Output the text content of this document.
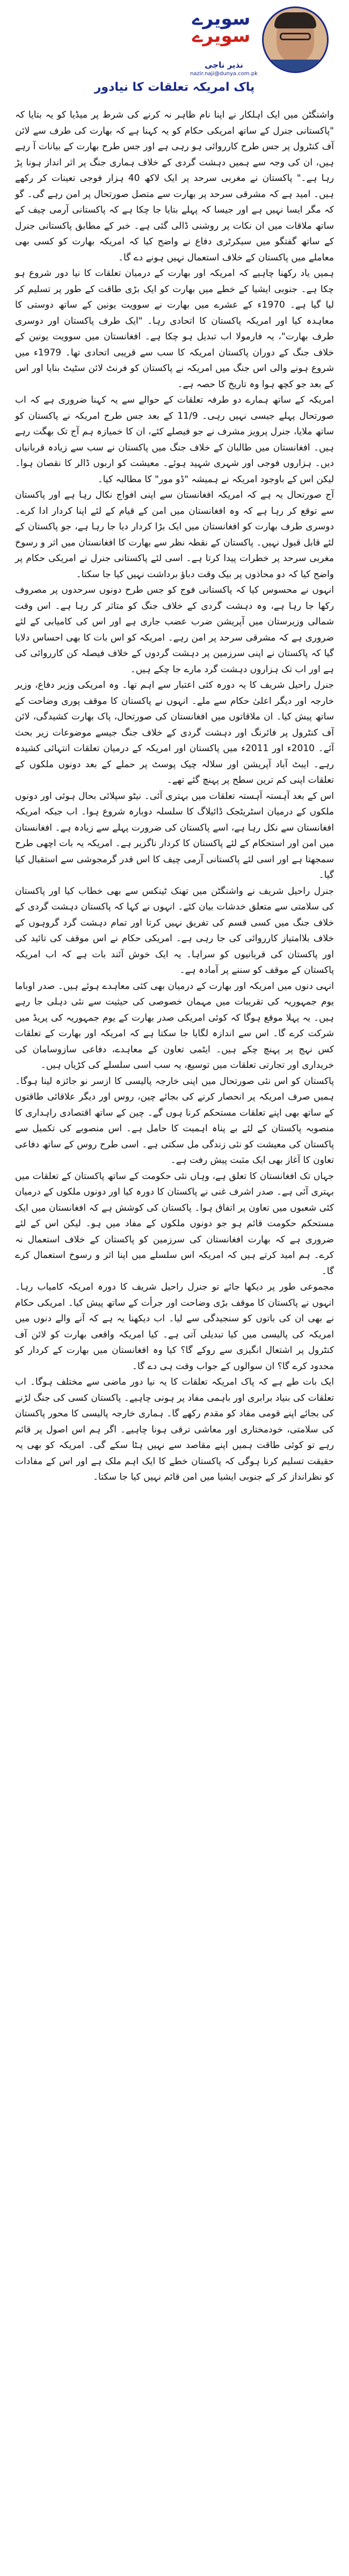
سویرے
سویرے
نذیر ناجی
nazir.naji@dunya.com.pk
پاک امریکہ تعلقات کا نیادور

واشنگٹن میں ایک اہلکار نے اپنا نام ظاہر نہ کرنے کی شرط پر میڈیا کو یہ بتایا کہ "پاکستانی جنرل کے ساتھ امریکی حکام کو یہ کہنا ہے کہ بھارت کی طرف سے لائن آف کنٹرول پر جس طرح کارروائی ہو رہی ہے اور جس طرح بھارت کے بیانات آ رہے ہیں، ان کی وجہ سے ہمیں دہشت گردی کے خلاف ہماری جنگ پر اثر انداز ہونا پڑ رہا ہے۔" پاکستان نے مغربی سرحد پر ایک لاکھ 40 ہزار فوجی تعینات کر رکھے ہیں۔ امید ہے کہ مشرقی سرحد پر بھارت سے متصل صورتحال پر امن رہے گی۔ گو کہ مگر ایسا نہیں ہے اور جیسا کہ پہلے بتایا جا چکا ہے کہ پاکستانی آرمی چیف کے ساتھ ملاقات میں ان نکات پر روشنی ڈالی گئی ہے۔ خبر کے مطابق پاکستانی جنرل کے ساتھ گفتگو میں سیکرٹری دفاع نے واضح کیا کہ امریکہ بھارت کو کسی بھی معاملے میں پاکستان کے خلاف استعمال نہیں ہونے دے گا۔

ہمیں یاد رکھنا چاہیے کہ امریکہ اور بھارت کے درمیان تعلقات کا نیا دور شروع ہو چکا ہے۔ جنوبی ایشیا کے خطے میں بھارت کو ایک بڑی طاقت کے طور پر تسلیم کر لیا گیا ہے۔ 1970ء کے عشرے میں بھارت نے سوویت یونین کے ساتھ دوستی کا معاہدہ کیا اور امریکہ پاکستان کا اتحادی رہا۔ "ایک طرف پاکستان اور دوسری طرف بھارت"، یہ فارمولا اب تبدیل ہو چکا ہے۔ افغانستان میں سوویت یونین کے خلاف جنگ کے دوران پاکستان امریکہ کا سب سے قریبی اتحادی تھا۔ 1979ء میں شروع ہونے والی اس جنگ میں امریکہ نے پاکستان کو فرنٹ لائن سٹیٹ بنایا اور اس کے بعد جو کچھ ہوا وہ تاریخ کا حصہ ہے۔

امریکہ کے ساتھ ہمارے دو طرفہ تعلقات کے حوالے سے یہ کہنا ضروری ہے کہ اب صورتحال پہلے جیسی نہیں رہی۔ 11/9 کے بعد جس طرح امریکہ نے پاکستان کو ساتھ ملایا، جنرل پرویز مشرف نے جو فیصلے کئے، ان کا خمیازہ ہم آج تک بھگت رہے ہیں۔ افغانستان میں طالبان کے خلاف جنگ میں پاکستان نے سب سے زیادہ قربانیاں دیں۔ ہزاروں فوجی اور شہری شہید ہوئے۔ معیشت کو اربوں ڈالر کا نقصان ہوا۔ لیکن اس کے باوجود امریکہ نے ہمیشہ "ڈو مور" کا مطالبہ کیا۔

آج صورتحال یہ ہے کہ امریکہ افغانستان سے اپنی افواج نکال رہا ہے اور پاکستان سے توقع کر رہا ہے کہ وہ افغانستان میں امن کے قیام کے لئے اپنا کردار ادا کرے۔ دوسری طرف بھارت کو افغانستان میں ایک بڑا کردار دیا جا رہا ہے، جو پاکستان کے لئے قابل قبول نہیں۔ پاکستان کے نقطہ نظر سے بھارت کا افغانستان میں اثر و رسوخ مغربی سرحد پر خطرات پیدا کرتا ہے۔ اسی لئے پاکستانی جنرل نے امریکی حکام پر واضح کیا کہ دو محاذوں پر بیک وقت دباؤ برداشت نہیں کیا جا سکتا۔

انہوں نے محسوس کیا کہ پاکستانی فوج کو جس طرح دونوں سرحدوں پر مصروف رکھا جا رہا ہے، وہ دہشت گردی کے خلاف جنگ کو متاثر کر رہا ہے۔ اس وقت شمالی وزیرستان میں آپریشن ضرب عضب جاری ہے اور اس کی کامیابی کے لئے ضروری ہے کہ مشرقی سرحد پر امن رہے۔ امریکہ کو اس بات کا بھی احساس دلایا گیا کہ پاکستان نے اپنی سرزمین پر دہشت گردوں کے خلاف فیصلہ کن کارروائی کی ہے اور اب تک ہزاروں دہشت گرد مارے جا چکے ہیں۔

جنرل راحیل شریف کا یہ دورہ کئی اعتبار سے اہم تھا۔ وہ امریکی وزیر دفاع، وزیر خارجہ اور دیگر اعلیٰ حکام سے ملے۔ انہوں نے پاکستان کا موقف پوری وضاحت کے ساتھ پیش کیا۔ ان ملاقاتوں میں افغانستان کی صورتحال، پاک بھارت کشیدگی، لائن آف کنٹرول پر فائرنگ اور دہشت گردی کے خلاف جنگ جیسے موضوعات زیر بحث آئے۔ 2010ء اور 2011ء میں پاکستان اور امریکہ کے درمیان تعلقات انتہائی کشیدہ رہے۔ ایبٹ آباد آپریشن اور سلالہ چیک پوسٹ پر حملے کے بعد دونوں ملکوں کے تعلقات اپنی کم ترین سطح پر پہنچ گئے تھے۔

اس کے بعد آہستہ آہستہ تعلقات میں بہتری آئی۔ نیٹو سپلائی بحال ہوئی اور دونوں ملکوں کے درمیان اسٹریٹجک ڈائیلاگ کا سلسلہ دوبارہ شروع ہوا۔ اب جبکہ امریکہ افغانستان سے نکل رہا ہے، اسے پاکستان کی ضرورت پہلے سے زیادہ ہے۔ افغانستان میں امن اور استحکام کے لئے پاکستان کا کردار ناگزیر ہے۔ امریکہ یہ بات اچھی طرح سمجھتا ہے اور اسی لئے پاکستانی آرمی چیف کا اس قدر گرمجوشی سے استقبال کیا گیا۔

جنرل راحیل شریف نے واشنگٹن میں تھنک ٹینکس سے بھی خطاب کیا اور پاکستان کی سلامتی سے متعلق خدشات بیان کئے۔ انہوں نے کہا کہ پاکستان دہشت گردی کے خلاف جنگ میں کسی قسم کی تفریق نہیں کرتا اور تمام دہشت گرد گروہوں کے خلاف بلاامتیاز کارروائی کی جا رہی ہے۔ امریکی حکام نے اس موقف کی تائید کی اور پاکستان کی قربانیوں کو سراہا۔ یہ ایک خوش آئند بات ہے کہ اب امریکہ پاکستان کے موقف کو سننے پر آمادہ ہے۔

انہی دنوں میں امریکہ اور بھارت کے درمیان بھی کئی معاہدے ہوئے ہیں۔ صدر اوباما یوم جمہوریہ کی تقریبات میں مہمان خصوصی کی حیثیت سے نئی دہلی جا رہے ہیں۔ یہ پہلا موقع ہوگا کہ کوئی امریکی صدر بھارت کے یوم جمہوریہ کی پریڈ میں شرکت کرے گا۔ اس سے اندازہ لگایا جا سکتا ہے کہ امریکہ اور بھارت کے تعلقات کس نہج پر پہنچ چکے ہیں۔ ایٹمی تعاون کے معاہدے، دفاعی سازوسامان کی خریداری اور تجارتی تعلقات میں توسیع، یہ سب اسی سلسلے کی کڑیاں ہیں۔

پاکستان کو اس نئی صورتحال میں اپنی خارجہ پالیسی کا ازسر نو جائزہ لینا ہوگا۔ ہمیں صرف امریکہ پر انحصار کرنے کی بجائے چین، روس اور دیگر علاقائی طاقتوں کے ساتھ بھی اپنے تعلقات مستحکم کرنا ہوں گے۔ چین کے ساتھ اقتصادی راہداری کا منصوبہ پاکستان کے لئے بے پناہ اہمیت کا حامل ہے۔ اس منصوبے کی تکمیل سے پاکستان کی معیشت کو نئی زندگی مل سکتی ہے۔ اسی طرح روس کے ساتھ دفاعی تعاون کا آغاز بھی ایک مثبت پیش رفت ہے۔

جہاں تک افغانستان کا تعلق ہے، وہاں نئی حکومت کے ساتھ پاکستان کے تعلقات میں بہتری آئی ہے۔ صدر اشرف غنی نے پاکستان کا دورہ کیا اور دونوں ملکوں کے درمیان کئی شعبوں میں تعاون پر اتفاق ہوا۔ پاکستان کی کوشش ہے کہ افغانستان میں ایک مستحکم حکومت قائم ہو جو دونوں ملکوں کے مفاد میں ہو۔ لیکن اس کے لئے ضروری ہے کہ بھارت افغانستان کی سرزمین کو پاکستان کے خلاف استعمال نہ کرے۔ ہم امید کرتے ہیں کہ امریکہ اس سلسلے میں اپنا اثر و رسوخ استعمال کرے گا۔

مجموعی طور پر دیکھا جائے تو جنرل راحیل شریف کا دورہ امریکہ کامیاب رہا۔ انہوں نے پاکستان کا موقف بڑی وضاحت اور جرأت کے ساتھ پیش کیا۔ امریکی حکام نے بھی ان کی باتوں کو سنجیدگی سے لیا۔ اب دیکھنا یہ ہے کہ آنے والے دنوں میں امریکہ کی پالیسی میں کیا تبدیلی آتی ہے۔ کیا امریکہ واقعی بھارت کو لائن آف کنٹرول پر اشتعال انگیزی سے روکے گا؟ کیا وہ افغانستان میں بھارت کے کردار کو محدود کرے گا؟ ان سوالوں کے جواب وقت ہی دے گا۔

ایک بات طے ہے کہ پاک امریکہ تعلقات کا یہ نیا دور ماضی سے مختلف ہوگا۔ اب تعلقات کی بنیاد برابری اور باہمی مفاد پر ہونی چاہیے۔ پاکستان کسی کی جنگ لڑنے کی بجائے اپنے قومی مفاد کو مقدم رکھے گا۔ ہماری خارجہ پالیسی کا محور پاکستان کی سلامتی، خودمختاری اور معاشی ترقی ہونا چاہیے۔ اگر ہم اس اصول پر قائم رہے تو کوئی طاقت ہمیں اپنے مقاصد سے نہیں ہٹا سکے گی۔ امریکہ کو بھی یہ حقیقت تسلیم کرنا ہوگی کہ پاکستان خطے کا ایک اہم ملک ہے اور اس کے مفادات کو نظرانداز کر کے جنوبی ایشیا میں امن قائم نہیں کیا جا سکتا۔
